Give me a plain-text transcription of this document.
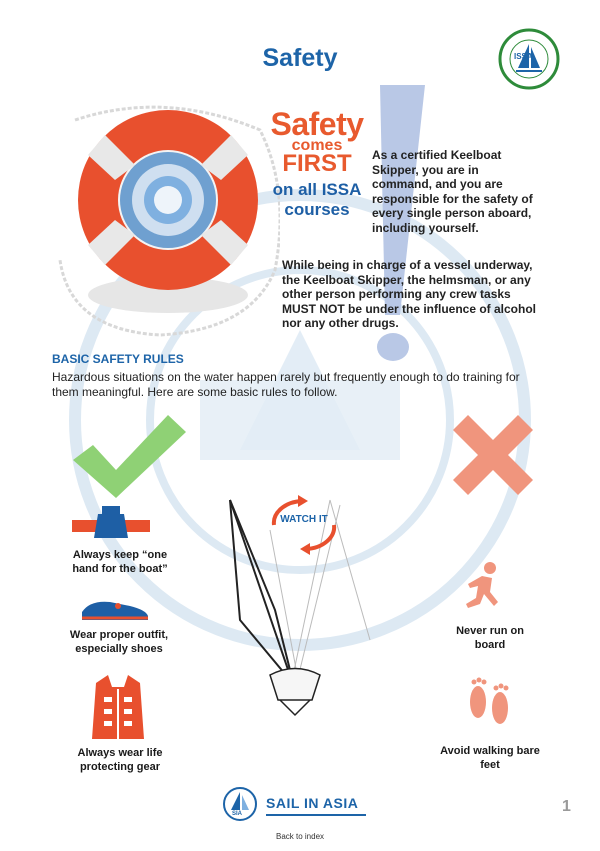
Safety	ISSA
Safety
comes
FIRST
on all ISSA
courses
As a certified Keelboat Skipper, you are in command, and you are responsible for the safety of every single person aboard, including yourself.
While being in charge of a vessel underway, the Keelboat Skipper, the helmsman, or any other person performing any crew tasks MUST NOT be under the influence of alcohol nor any other drugs.
BASIC SAFETY RULES
Hazardous situations on the water happen rarely but frequently enough to do training for them meaningful. Here are some basic rules to follow.
WATCH IT
Always keep “one hand for the boat”
Wear proper outfit, especially shoes
Always wear life protecting gear
Never run on board
Avoid walking bare feet
SIA
SAIL IN ASIA
Back to index
1
